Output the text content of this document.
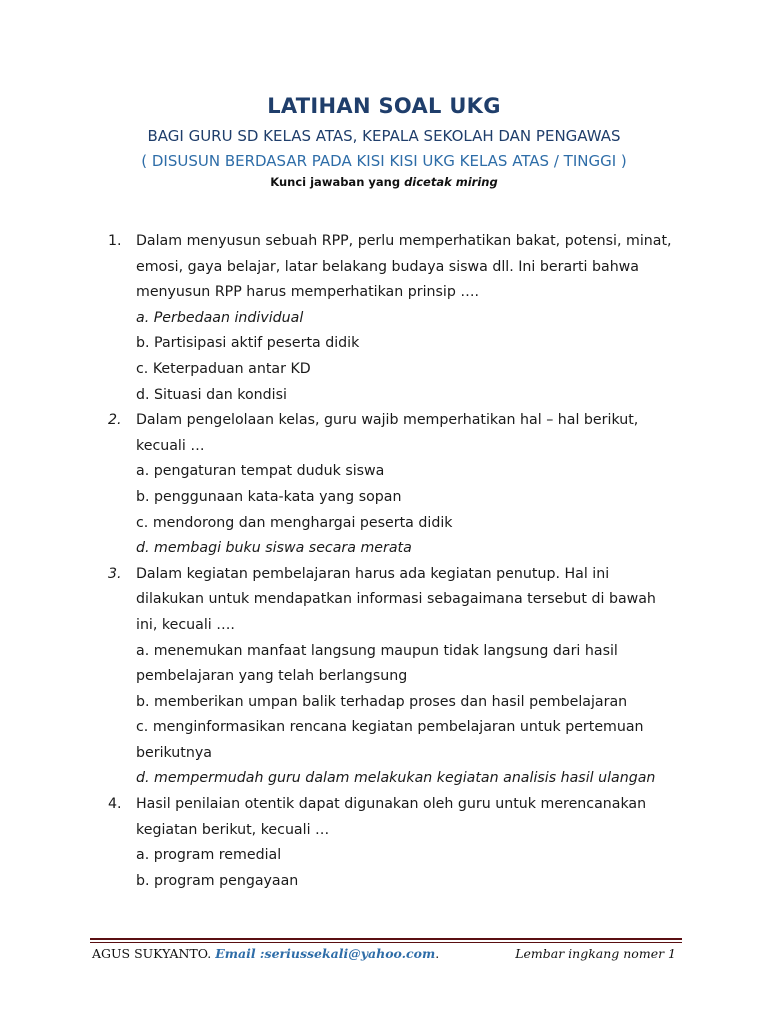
LATIHAN SOAL UKG
BAGI GURU SD KELAS ATAS, KEPALA SEKOLAH DAN PENGAWAS
( DISUSUN BERDASAR PADA KISI KISI UKG KELAS ATAS / TINGGI )
Kunci jawaban yang dicetak miring
1. Dalam menyusun sebuah RPP, perlu memperhatikan bakat, potensi, minat,
emosi, gaya belajar, latar belakang budaya siswa dll. Ini berarti bahwa
menyusun RPP harus memperhatikan prinsip ….
a. Perbedaan individual
b. Partisipasi aktif peserta didik
c. Keterpaduan antar KD
d. Situasi dan kondisi
2. Dalam pengelolaan kelas, guru wajib memperhatikan hal – hal berikut,
kecuali …
a. pengaturan tempat duduk siswa
b. penggunaan kata-kata yang sopan
c. mendorong dan menghargai peserta didik
d. membagi buku siswa secara merata
3. Dalam kegiatan pembelajaran harus ada kegiatan penutup. Hal ini
dilakukan untuk mendapatkan informasi sebagaimana tersebut di bawah
ini, kecuali ….
a. menemukan manfaat langsung maupun tidak langsung dari hasil
pembelajaran yang telah berlangsung
b. memberikan umpan balik terhadap proses dan hasil pembelajaran
c. menginformasikan rencana kegiatan pembelajaran untuk pertemuan
berikutnya
d. mempermudah guru dalam melakukan kegiatan analisis hasil ulangan
4. Hasil penilaian otentik dapat digunakan oleh guru untuk merencanakan
kegiatan berikut, kecuali …
a. program remedial
b. program pengayaan
AGUS SUKYANTO. Email :seriussekali@yahoo.com.	Lembar ingkang nomer 1
